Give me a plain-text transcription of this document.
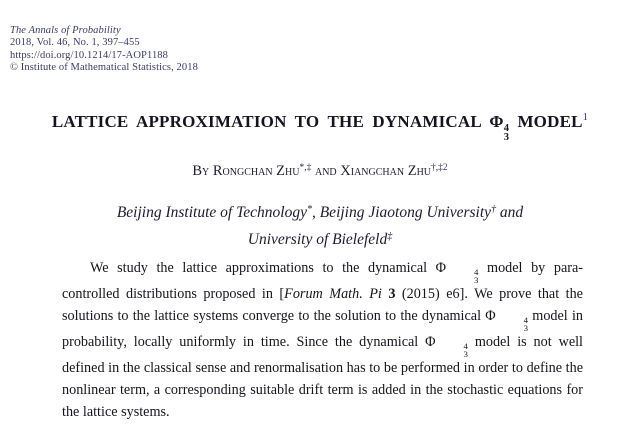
The Annals of Probability
2018, Vol. 46, No. 1, 397–455
https://doi.org/10.1214/17-AOP1188
© Institute of Mathematical Statistics, 2018
LATTICE APPROXIMATION TO THE DYNAMICAL Φ 4
3
MODEL$^1$
By Rongchan Zhu*,‡ and Xiangchan Zhu$^{\dagger,\ddagger 2}$
Beijing Institute of Technology*, Beijing Jiaotong University† and
University of Bielefeld‡

We study the lattice approximations to the dynamical Φ	4
3
model by para-controlled distributions proposed in [Forum Math. Pi 3 (2015) e6]. We prove that the solutions to the lattice systems converge to the solution to the dynamical Φ	4
3
model in probability, locally uniformly in time. Since the dynamical Φ	4
3
model is not well defined in the classical sense and renormalisation has to be performed in order to define the nonlinear term, a corresponding suitable drift term is added in the stochastic equations for the lattice systems.
